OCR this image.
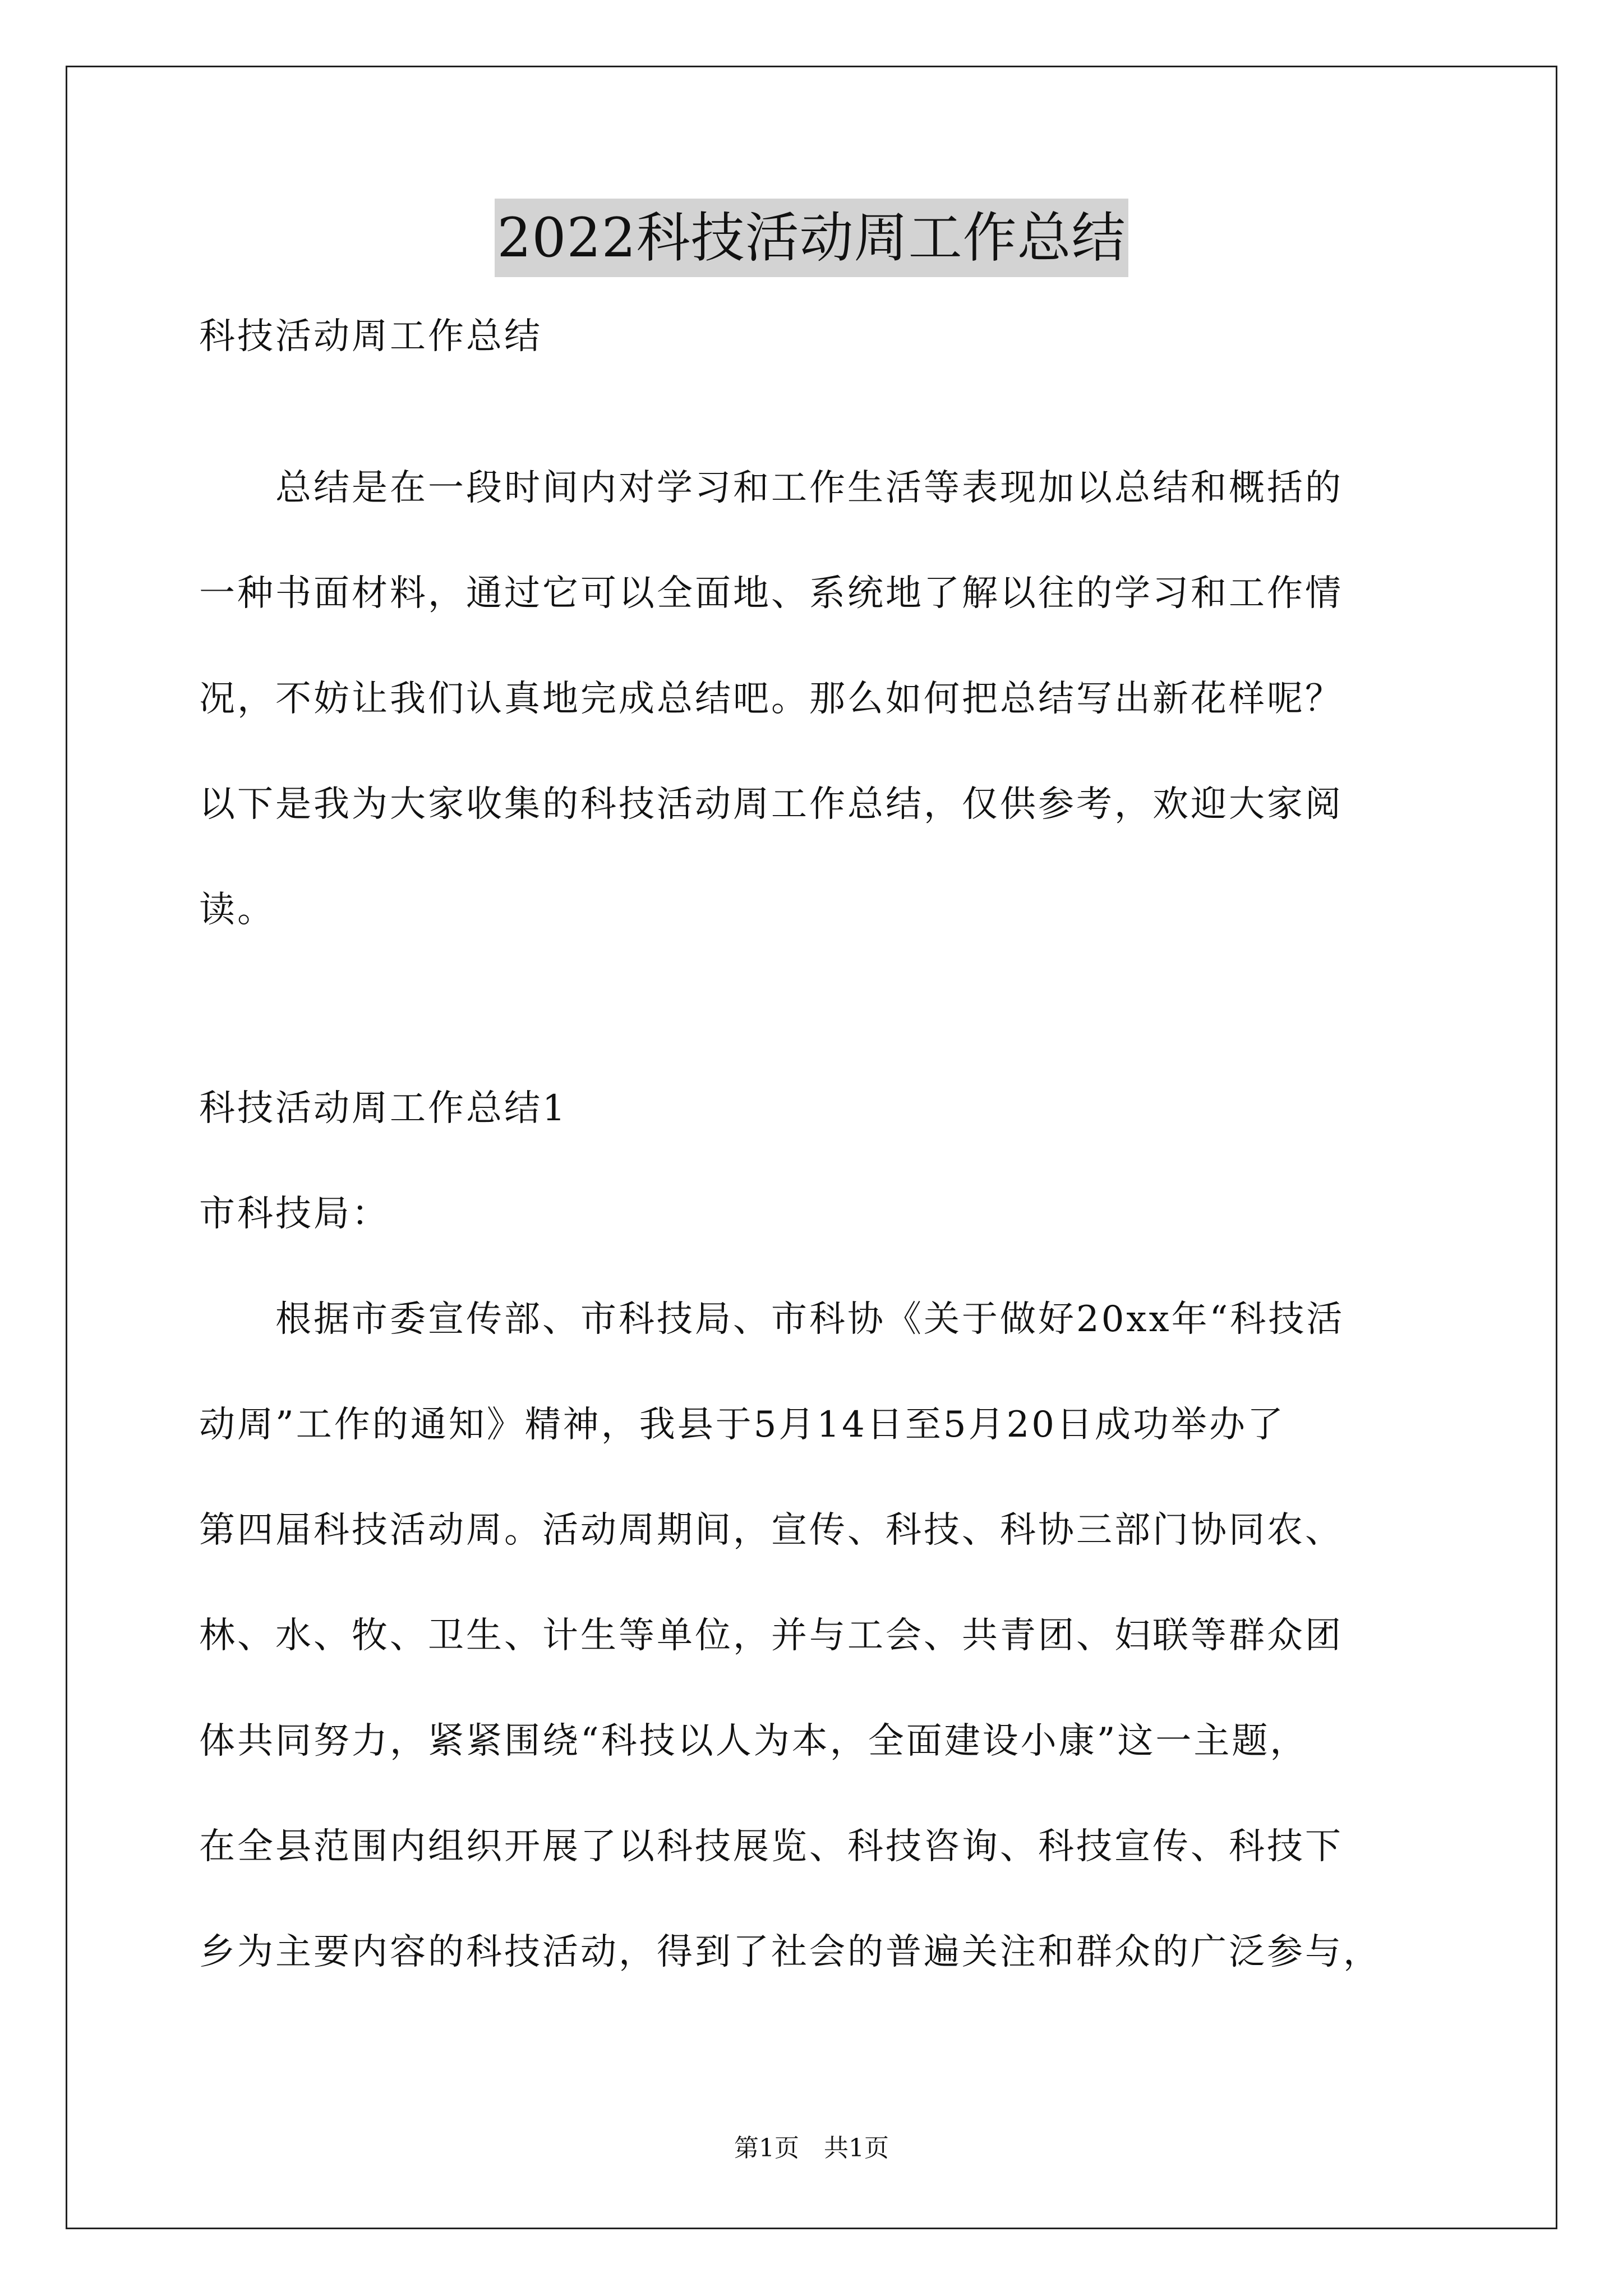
2022科技活动周工作总结
科技活动周工作总结
　　总结是在一段时间内对学习和工作生活等表现加以总结和概括的
一种书面材料，通过它可以全面地、系统地了解以往的学习和工作情
况，不妨让我们认真地完成总结吧。那么如何把总结写出新花样呢？
以下是我为大家收集的科技活动周工作总结，仅供参考，欢迎大家阅
读。
科技活动周工作总结1
市科技局：
　　根据市委宣传部、市科技局、市科协《关于做好20xx年“科技活
动周”工作的通知》精神，我县于5月14日至5月20日成功举办了
第四届科技活动周。活动周期间，宣传、科技、科协三部门协同农、
林、水、牧、卫生、计生等单位，并与工会、共青团、妇联等群众团
体共同努力，紧紧围绕“科技以人为本，全面建设小康”这一主题，
在全县范围内组织开展了以科技展览、科技咨询、科技宣传、科技下
乡为主要内容的科技活动，得到了社会的普遍关注和群众的广泛参与，
第1页　共1页
